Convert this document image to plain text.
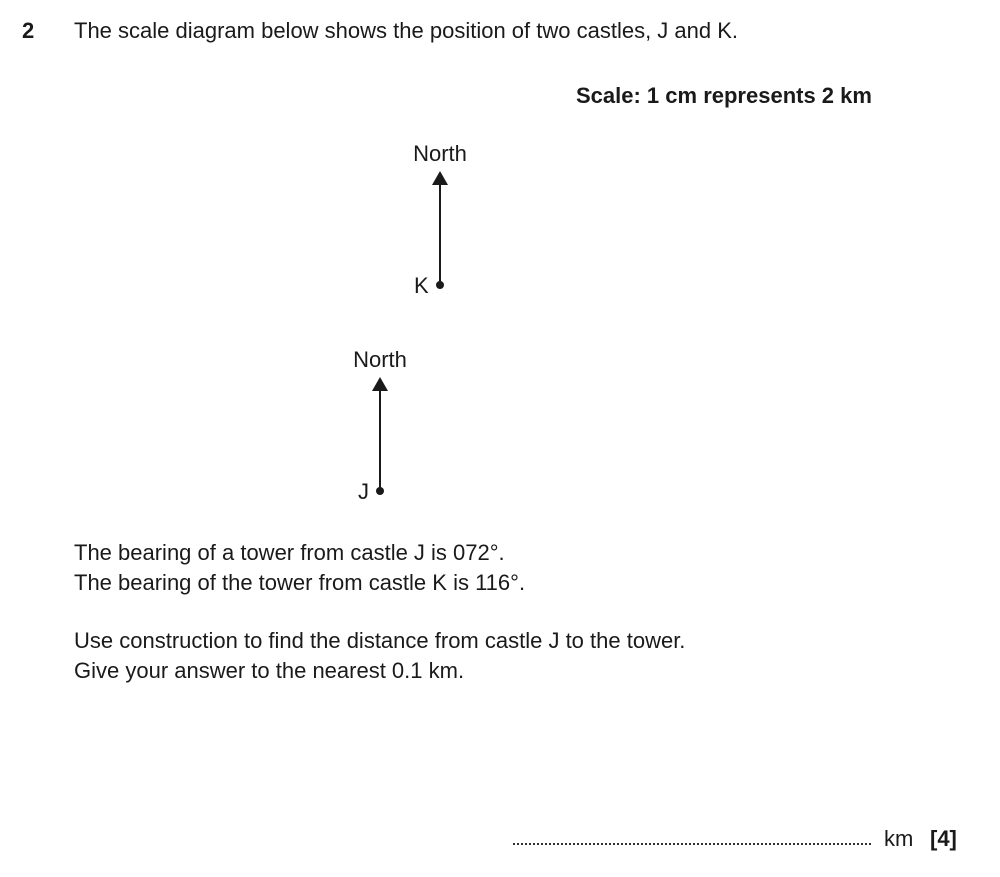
2 The scale diagram below shows the position of two castles, J and K.
Scale: 1 cm represents 2 km
North
K
North
J
The bearing of a tower from castle J is 072°.
The bearing of the tower from castle K is 116°.
Use construction to find the distance from castle J to the tower.
Give your answer to the nearest 0.1 km.
km [4]
